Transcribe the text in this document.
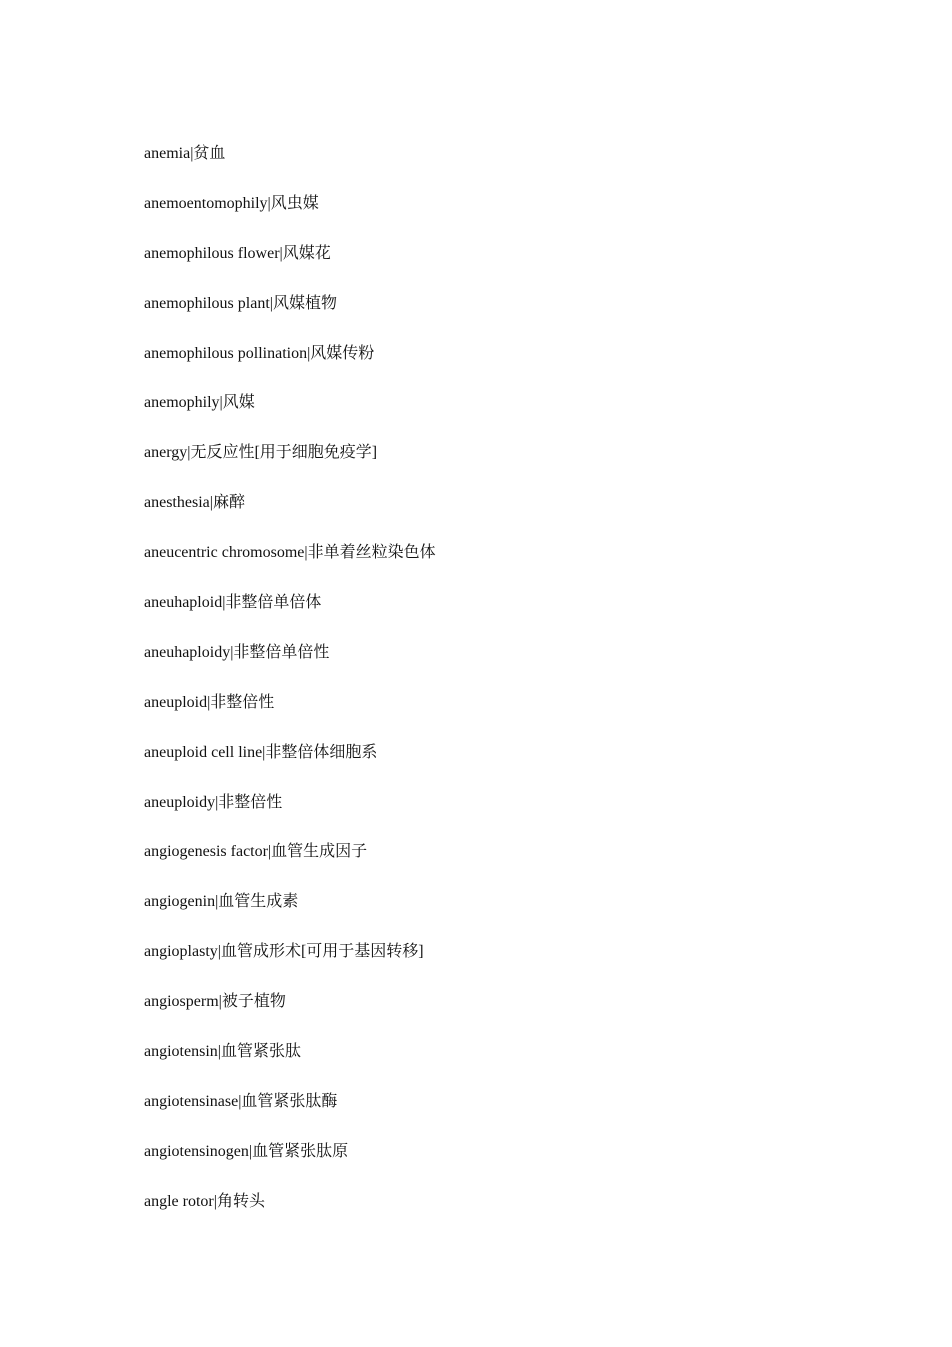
anemia|贫血
anemoentomophily|风虫媒
anemophilous flower|风媒花
anemophilous plant|风媒植物
anemophilous pollination|风媒传粉
anemophily|风媒
anergy|无反应性[用于细胞免疫学]
anesthesia|麻醉
aneucentric chromosome|非单着丝粒染色体
aneuhaploid|非整倍单倍体
aneuhaploidy|非整倍单倍性
aneuploid|非整倍性
aneuploid cell line|非整倍体细胞系
aneuploidy|非整倍性
angiogenesis factor|血管生成因子
angiogenin|血管生成素
angioplasty|血管成形术[可用于基因转移]
angiosperm|被子植物
angiotensin|血管紧张肽
angiotensinase|血管紧张肽酶
angiotensinogen|血管紧张肽原
angle rotor|角转头
